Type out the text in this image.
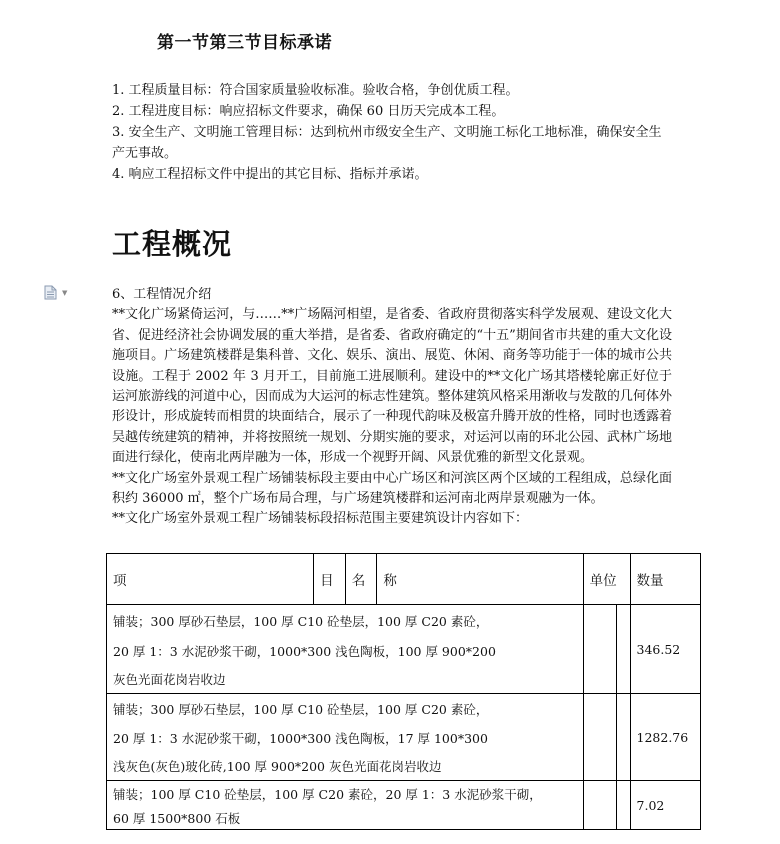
第一节第三节目标承诺

1. 工程质量目标：符合国家质量验收标准。验收合格，争创优质工程。

2. 工程进度目标：响应招标文件要求，确保 60 日历天完成本工程。

3. 安全生产、文明施工管理目标：达到杭州市级安全生产、文明施工标化工地标准，确保安全生产无事故。

4. 响应工程招标文件中提出的其它目标、指标并承诺。

工程概况
▼	6、工程情况介绍

**文化广场紧倚运河，与……**广场隔河相望，是省委、省政府贯彻落实科学发展观、建设文化大省、促进经济社会协调发展的重大举措，是省委、省政府确定的“十五”期间省市共建的重大文化设施项目。广场建筑楼群是集科普、文化、娱乐、演出、展览、休闲、商务等功能于一体的城市公共设施。工程于 2002 年 3 月开工，目前施工进展顺利。建设中的**文化广场其塔楼轮廓正好位于运河旅游线的河道中心，因而成为大运河的标志性建筑。整体建筑风格采用渐收与发散的几何体外形设计，形成旋转而相贯的块面结合，展示了一种现代韵味及极富升腾开放的性格，同时也透露着吴越传统建筑的精神，并将按照统一规划、分期实施的要求，对运河以南的环北公园、武林广场地面进行绿化，使南北两岸融为一体，形成一个视野开阔、风景优雅的新型文化景观。

**文化广场室外景观工程广场铺装标段主要由中心广场区和河滨区两个区域的工程组成，总绿化面积约 36000 ㎡，整个广场布局合理，与广场建筑楼群和运河南北两岸景观融为一体。

**文化广场室外景观工程广场铺装标段招标范围主要建筑设计内容如下：

项	目	名	称	单位		数量

铺装；300 厚砂石垫层，100 厚 C10 砼垫层，100 厚 C20 素砼，
20 厚 1：3 水泥砂浆干砌，1000*300 浅色陶板，100 厚 900*200
灰色光面花岗岩收边						346.52

铺装；300 厚砂石垫层，100 厚 C10 砼垫层，100 厚 C20 素砼，
20 厚 1：3 水泥砂浆干砌，1000*300 浅色陶板，17 厚 100*300
浅灰色(灰色)玻化砖,100 厚 900*200 灰色光面花岗岩收边						1282.76

铺装；100 厚 C10 砼垫层，100 厚 C20 素砼，20 厚 1：3 水泥砂浆干砌，
60 厚 1500*800 石板						7.02
